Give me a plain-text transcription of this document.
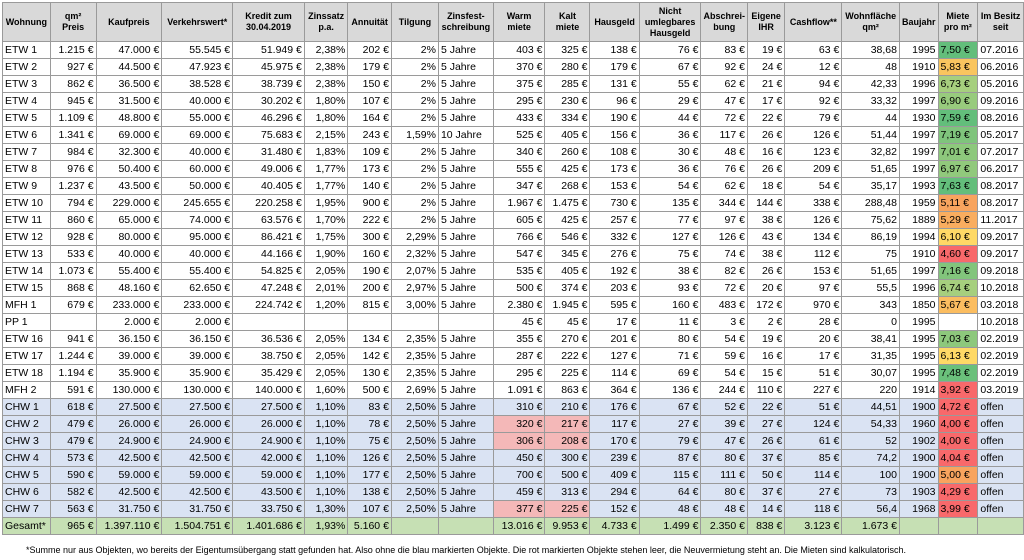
Wohnung	qm² Preis	Kaufpreis	Verkehrswert*	Kredit zum 30.04.2019	Zinssatz p.a.	Annuität	Tilgung	Zinsfest-schreibung	Warm miete	Kalt miete	Hausgeld	Nicht umlegbares Hausgeld	Abschrei-bung	Eigene IHR	Cashflow**	Wohnfläche qm²	Baujahr	Miete pro m²	Im Besitz seit
ETW 1	1.215 €	47.000 €	55.545 €	51.949 €	2,38%	202 €	2%	5 Jahre	403 €	325 €	138 €	76 €	83 €	19 €	63 €	38,68	1995	7,50 €	07.2016
ETW 2	927 €	44.500 €	47.923 €	45.975 €	2,38%	179 €	2%	5 Jahre	370 €	280 €	179 €	67 €	92 €	24 €	12 €	48	1910	5,83 €	06.2016
ETW 3	862 €	36.500 €	38.528 €	38.739 €	2,38%	150 €	2%	5 Jahre	375 €	285 €	131 €	55 €	62 €	21 €	94 €	42,33	1996	6,73 €	05.2016
ETW 4	945 €	31.500 €	40.000 €	30.202 €	1,80%	107 €	2%	5 Jahre	295 €	230 €	96 €	29 €	47 €	17 €	92 €	33,32	1997	6,90 €	09.2016
ETW 5	1.109 €	48.800 €	55.000 €	46.296 €	1,80%	164 €	2%	5 Jahre	433 €	334 €	190 €	44 €	72 €	22 €	79 €	44	1930	7,59 €	08.2016
ETW 6	1.341 €	69.000 €	69.000 €	75.683 €	2,15%	243 €	1,59%	10 Jahre	525 €	405 €	156 €	36 €	117 €	26 €	126 €	51,44	1997	7,19 €	05.2017
ETW 7	984 €	32.300 €	40.000 €	31.480 €	1,83%	109 €	2%	5 Jahre	340 €	260 €	108 €	30 €	48 €	16 €	123 €	32,82	1997	7,01 €	07.2017
ETW 8	976 €	50.400 €	60.000 €	49.006 €	1,77%	173 €	2%	5 Jahre	555 €	425 €	173 €	36 €	76 €	26 €	209 €	51,65	1997	6,97 €	06.2017
ETW 9	1.237 €	43.500 €	50.000 €	40.405 €	1,77%	140 €	2%	5 Jahre	347 €	268 €	153 €	54 €	62 €	18 €	54 €	35,17	1993	7,63 €	08.2017
ETW 10	794 €	229.000 €	245.655 €	220.258 €	1,95%	900 €	2%	5 Jahre	1.967 €	1.475 €	730 €	135 €	344 €	144 €	338 €	288,48	1959	5,11 €	08.2017
ETW 11	860 €	65.000 €	74.000 €	63.576 €	1,70%	222 €	2%	5 Jahre	605 €	425 €	257 €	77 €	97 €	38 €	126 €	75,62	1889	5,29 €	11.2017
ETW 12	928 €	80.000 €	95.000 €	86.421 €	1,75%	300 €	2,29%	5 Jahre	766 €	546 €	332 €	127 €	126 €	43 €	134 €	86,19	1994	6,10 €	09.2017
ETW 13	533 €	40.000 €	40.000 €	44.166 €	1,90%	160 €	2,32%	5 Jahre	547 €	345 €	276 €	75 €	74 €	38 €	112 €	75	1910	4,60 €	09.2017
ETW 14	1.073 €	55.400 €	55.400 €	54.825 €	2,05%	190 €	2,07%	5 Jahre	535 €	405 €	192 €	38 €	82 €	26 €	153 €	51,65	1997	7,16 €	09.2018
ETW 15	868 €	48.160 €	62.650 €	47.248 €	2,01%	200 €	2,97%	5 Jahre	500 €	374 €	203 €	93 €	72 €	20 €	97 €	55,5	1996	6,74 €	10.2018
MFH 1	679 €	233.000 €	233.000 €	224.742 €	1,20%	815 €	3,00%	5 Jahre	2.380 €	1.945 €	595 €	160 €	483 €	172 €	970 €	343	1850	5,67 €	03.2018
PP 1		2.000 €	2.000 €						45 €	45 €	17 €	11 €	3 €	2 €	28 €	0	1995		10.2018
ETW 16	941 €	36.150 €	36.150 €	36.536 €	2,05%	134 €	2,35%	5 Jahre	355 €	270 €	201 €	80 €	54 €	19 €	20 €	38,41	1995	7,03 €	02.2019
ETW 17	1.244 €	39.000 €	39.000 €	38.750 €	2,05%	142 €	2,35%	5 Jahre	287 €	222 €	127 €	71 €	59 €	16 €	17 €	31,35	1995	6,13 €	02.2019
ETW 18	1.194 €	35.900 €	35.900 €	35.429 €	2,05%	130 €	2,35%	5 Jahre	295 €	225 €	114 €	69 €	54 €	15 €	51 €	30,07	1995	7,48 €	02.2019
MFH 2	591 €	130.000 €	130.000 €	140.000 €	1,60%	500 €	2,69%	5 Jahre	1.091 €	863 €	364 €	136 €	244 €	110 €	227 €	220	1914	3,92 €	03.2019
CHW 1	618 €	27.500 €	27.500 €	27.500 €	1,10%	83 €	2,50%	5 Jahre	310 €	210 €	176 €	67 €	52 €	22 €	51 €	44,51	1900	4,72 €	offen
CHW 2	479 €	26.000 €	26.000 €	26.000 €	1,10%	78 €	2,50%	5 Jahre	320 €	217 €	117 €	27 €	39 €	27 €	124 €	54,33	1960	4,00 €	offen
CHW 3	479 €	24.900 €	24.900 €	24.900 €	1,10%	75 €	2,50%	5 Jahre	306 €	208 €	170 €	79 €	47 €	26 €	61 €	52	1902	4,00 €	offen
CHW 4	573 €	42.500 €	42.500 €	42.000 €	1,10%	126 €	2,50%	5 Jahre	450 €	300 €	239 €	87 €	80 €	37 €	85 €	74,2	1900	4,04 €	offen
CHW 5	590 €	59.000 €	59.000 €	59.000 €	1,10%	177 €	2,50%	5 Jahre	700 €	500 €	409 €	115 €	111 €	50 €	114 €	100	1900	5,00 €	offen
CHW 6	582 €	42.500 €	42.500 €	43.500 €	1,10%	138 €	2,50%	5 Jahre	459 €	313 €	294 €	64 €	80 €	37 €	27 €	73	1903	4,29 €	offen
CHW 7	563 €	31.750 €	31.750 €	33.750 €	1,30%	107 €	2,50%	5 Jahre	377 €	225 €	152 €	48 €	48 €	14 €	118 €	56,4	1968	3,99 €	offen
Gesamt*	965 €	1.397.110 €	1.504.751 €	1.401.686 €	1,93%	5.160 €			13.016 €	9.953 €	4.733 €	1.499 €	2.350 €	838 €	3.123 €	1.673 €			
*Summe nur aus Objekten, wo bereits der Eigentumsübergang statt gefunden hat. Also ohne die blau markierten Objekte. Die rot markierten Objekte stehen leer, die Neuvermietung steht an. Die Mieten sind kalkulatorisch.
